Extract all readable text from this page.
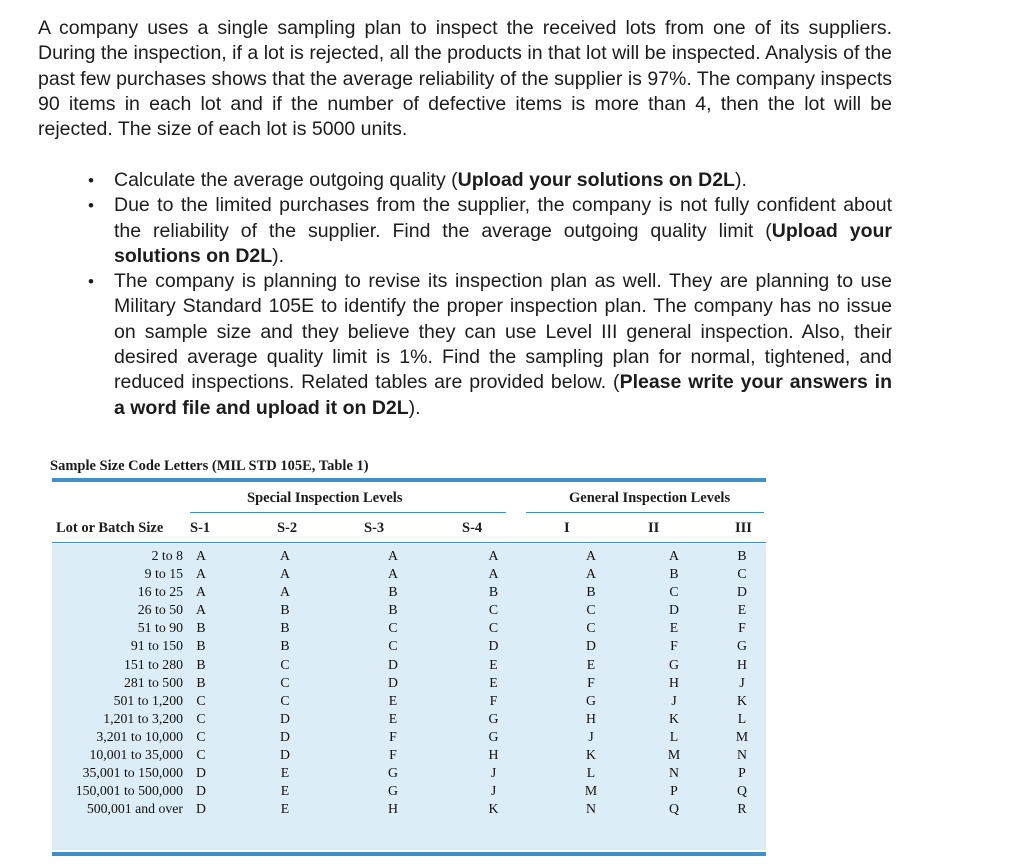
A company uses a single sampling plan to inspect the received lots from one of its suppliers. During the inspection, if a lot is rejected, all the products in that lot will be inspected. Analysis of the past few purchases shows that the average reliability of the supplier is 97%. The company inspects 90 items in each lot and if the number of defective items is more than 4, then the lot will be rejected. The size of each lot is 5000 units.

•	Calculate the average outgoing quality (Upload your solutions on D2L).
•	Due to the limited purchases from the supplier, the company is not fully confident about the reliability of the supplier. Find the average outgoing quality limit (Upload your solutions on D2L).
•	The company is planning to revise its inspection plan as well. They are planning to use Military Standard 105E to identify the proper inspection plan. The company has no issue on sample size and they believe they can use Level III general inspection. Also, their desired average quality limit is 1%. Find the sampling plan for normal, tightened, and reduced inspections. Related tables are provided below. (Please write your answers in a word file and upload it on D2L).
Sample Size Code Letters (MIL STD 105E, Table 1)
Special Inspection Levels	General Inspection Levels
Lot or Batch Size S-1	S-2	S-3	S-4	I	II	III
2 to 8	A	A	A	A	A	A	B
9 to 15	A	A	A	A	A	B	C
16 to 25	A	A	B	B	B	C	D
26 to 50	A	B	B	C	C	D	E
51 to 90	B	B	C	C	C	E	F
91 to 150	B	B	C	D	D	F	G
151 to 280	B	C	D	E	E	G	H
281 to 500	B	C	D	E	F	H	J
501 to 1,200	C	C	E	F	G	J	K
1,201 to 3,200	C	D	E	G	H	K	L
3,201 to 10,000	C	D	F	G	J	L	M
10,001 to 35,000	C	D	F	H	K	M	N
35,001 to 150,000	D	E	G	J	L	N	P
150,001 to 500,000	D	E	G	J	M	P	Q
500,001 and over	D	E	H	K	N	Q	R
